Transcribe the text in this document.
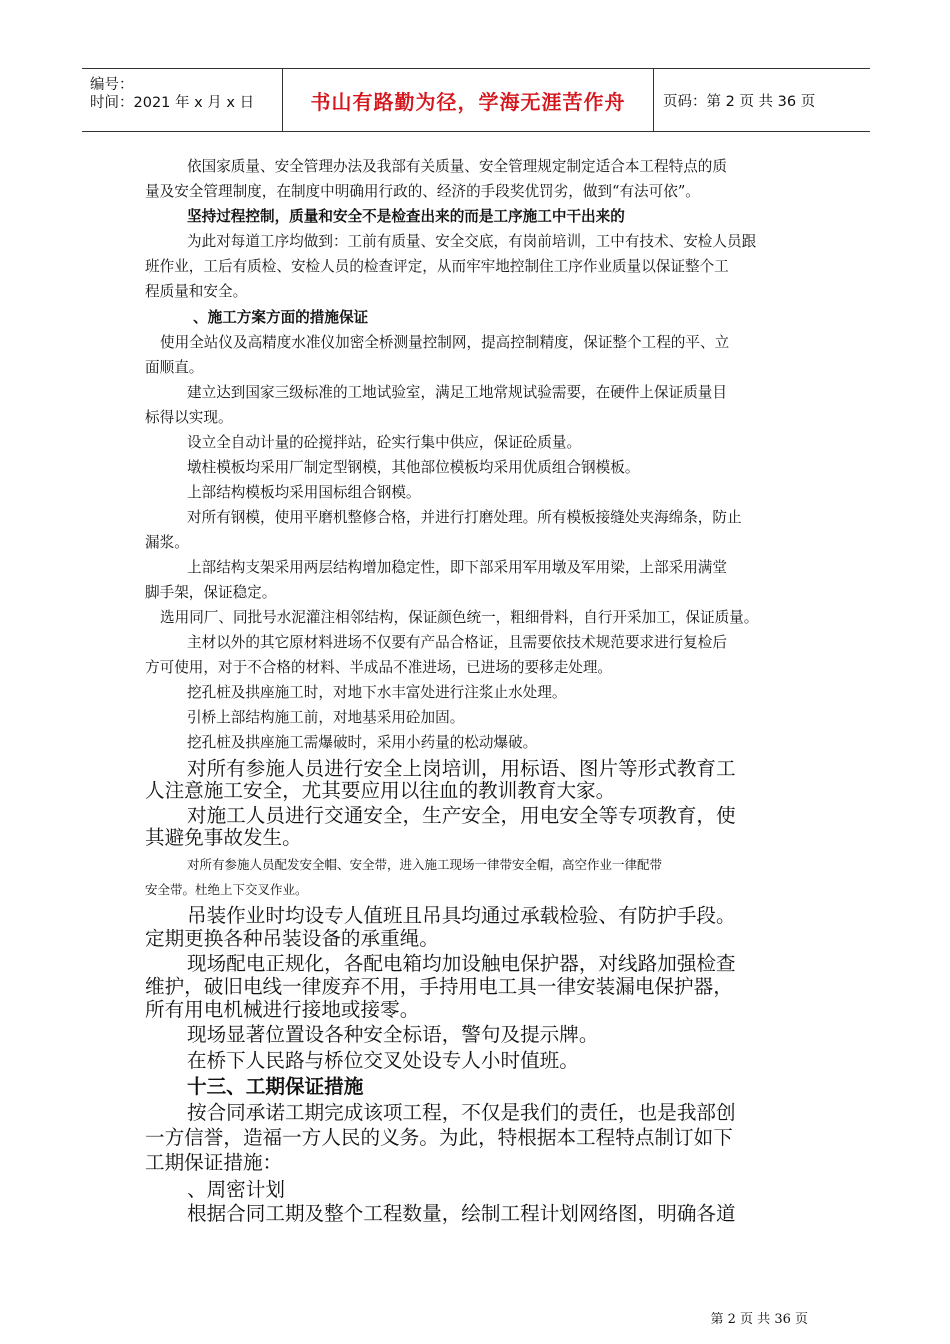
编号：
时间：2021 年 x 月 x 日	书山有路勤为径，学海无涯苦作舟	页码：第 2 页 共 36 页
依国家质量、安全管理办法及我部有关质量、安全管理规定制定适合本工程特点的质
量及安全管理制度，在制度中明确用行政的、经济的手段奖优罚劣，做到“有法可依”。
坚持过程控制，质量和安全不是检查出来的而是工序施工中干出来的
为此对每道工序均做到：工前有质量、安全交底，有岗前培训，工中有技术、安检人员跟
班作业，工后有质检、安检人员的检查评定，从而牢牢地控制住工序作业质量以保证整个工
程质量和安全。
、施工方案方面的措施保证
使用全站仪及高精度水准仪加密全桥测量控制网，提高控制精度，保证整个工程的平、立
面顺直。
建立达到国家三级标准的工地试验室，满足工地常规试验需要，在硬件上保证质量目
标得以实现。
设立全自动计量的砼搅拌站，砼实行集中供应，保证砼质量。
墩柱模板均采用厂制定型钢模，其他部位模板均采用优质组合钢模板。
上部结构模板均采用国标组合钢模。
对所有钢模，使用平磨机整修合格，并进行打磨处理。所有模板接缝处夹海绵条，防止
漏浆。
上部结构支架采用两层结构增加稳定性，即下部采用军用墩及军用梁，上部采用满堂
脚手架，保证稳定。
选用同厂、同批号水泥灌注相邻结构，保证颜色统一，粗细骨料，自行开采加工，保证质量。
主材以外的其它原材料进场不仅要有产品合格证，且需要依技术规范要求进行复检后
方可使用，对于不合格的材料、半成品不准进场，已进场的要移走处理。
挖孔桩及拱座施工时，对地下水丰富处进行注浆止水处理。
引桥上部结构施工前，对地基采用砼加固。
挖孔桩及拱座施工需爆破时，采用小药量的松动爆破。
对所有参施人员进行安全上岗培训，用标语、图片等形式教育工
人注意施工安全，尤其要应用以往血的教训教育大家。
对施工人员进行交通安全，生产安全，用电安全等专项教育，使
其避免事故发生。
对所有参施人员配发安全帽、安全带，进入施工现场一律带安全帽，高空作业一律配带
安全带。杜绝上下交叉作业。
吊装作业时均设专人值班且吊具均通过承载检验、有防护手段。
定期更换各种吊装设备的承重绳。
现场配电正规化，各配电箱均加设触电保护器，对线路加强检查
维护，破旧电线一律废弃不用，手持用电工具一律安装漏电保护器，
所有用电机械进行接地或接零。
现场显著位置设各种安全标语，警句及提示牌。
在桥下人民路与桥位交叉处设专人小时值班。
十三、工期保证措施
按合同承诺工期完成该项工程，不仅是我们的责任，也是我部创
一方信誉，造福一方人民的义务。为此，特根据本工程特点制订如下
工期保证措施：
、周密计划
根据合同工期及整个工程数量，绘制工程计划网络图，明确各道
第 2 页 共 36 页
